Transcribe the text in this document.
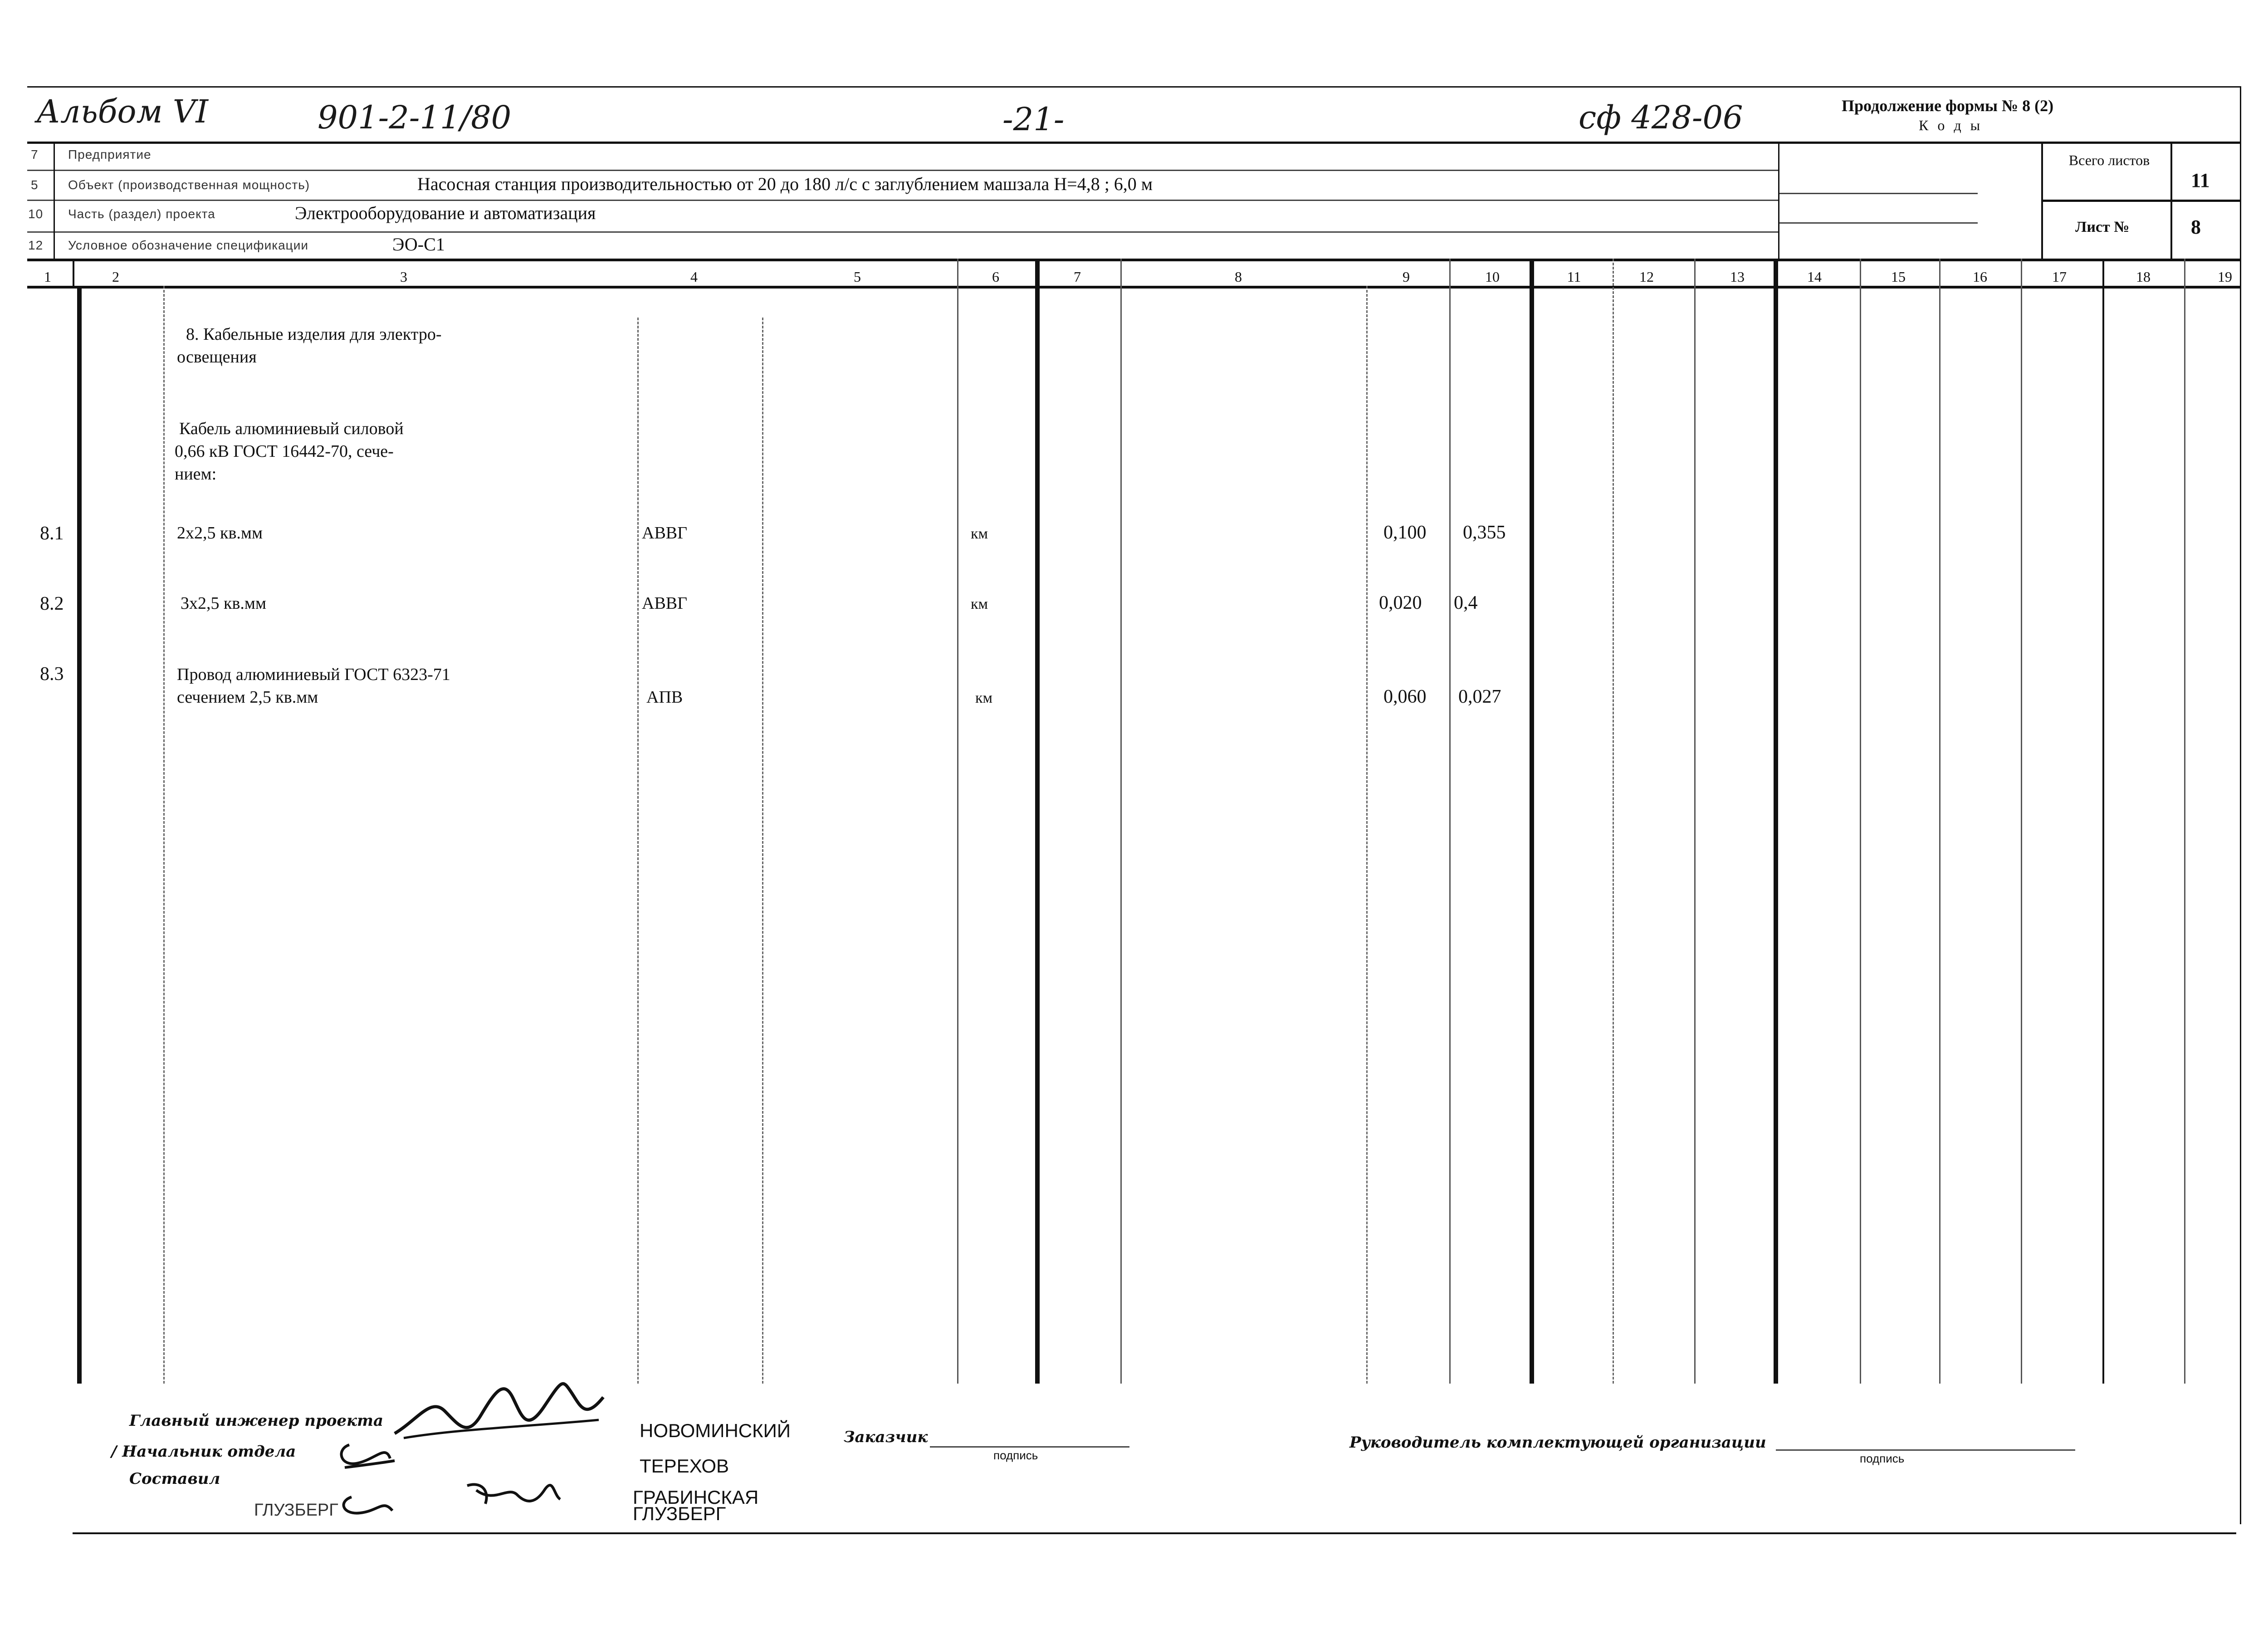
Альбом VI	901-2-11/80	-21-	сф 428-06	Продолжение формы № 8 (2)
К о д ы
7 Предприятие
5 Объект (производственная мощность)	Насосная станция производительностью от 20 до 180 л/с с заглублением машзала H=4,8 ; 6,0 м
10 Часть (раздел) проекта	Электрооборудование и автоматизация
12 Условное обозначение спецификации	ЭО-С1
Всего листов
11
Лист №	8
1	2	3	4	5	6	7	8	9	10	11	12	13	14	15	16	17	18	19
8. Кабельные изделия для электро-
освещения
Кабель алюминиевый силовой
0,66 кВ ГОСТ 16442-70, сече-
нием:
8.1	2х2,5 кв.мм	АВВГ	км	0,100 0,355
8.2	3х2,5 кв.мм	АВВГ	км	0,020 0,4
8.3	Провод алюминиевый ГОСТ 6323-71
сечением 2,5 кв.мм	АПВ	км	0,060 0,027
Главный инженер проекта	НОВОМИНСКИЙ
/ Начальник отдела
ТЕРЕХОВ
Составил
ГРАБИНСКАЯ
ГЛУЗБЕРГ
ГЛУЗБЕРГ
Заказчик
подпись
Руководитель комплектующей организации
подпись
